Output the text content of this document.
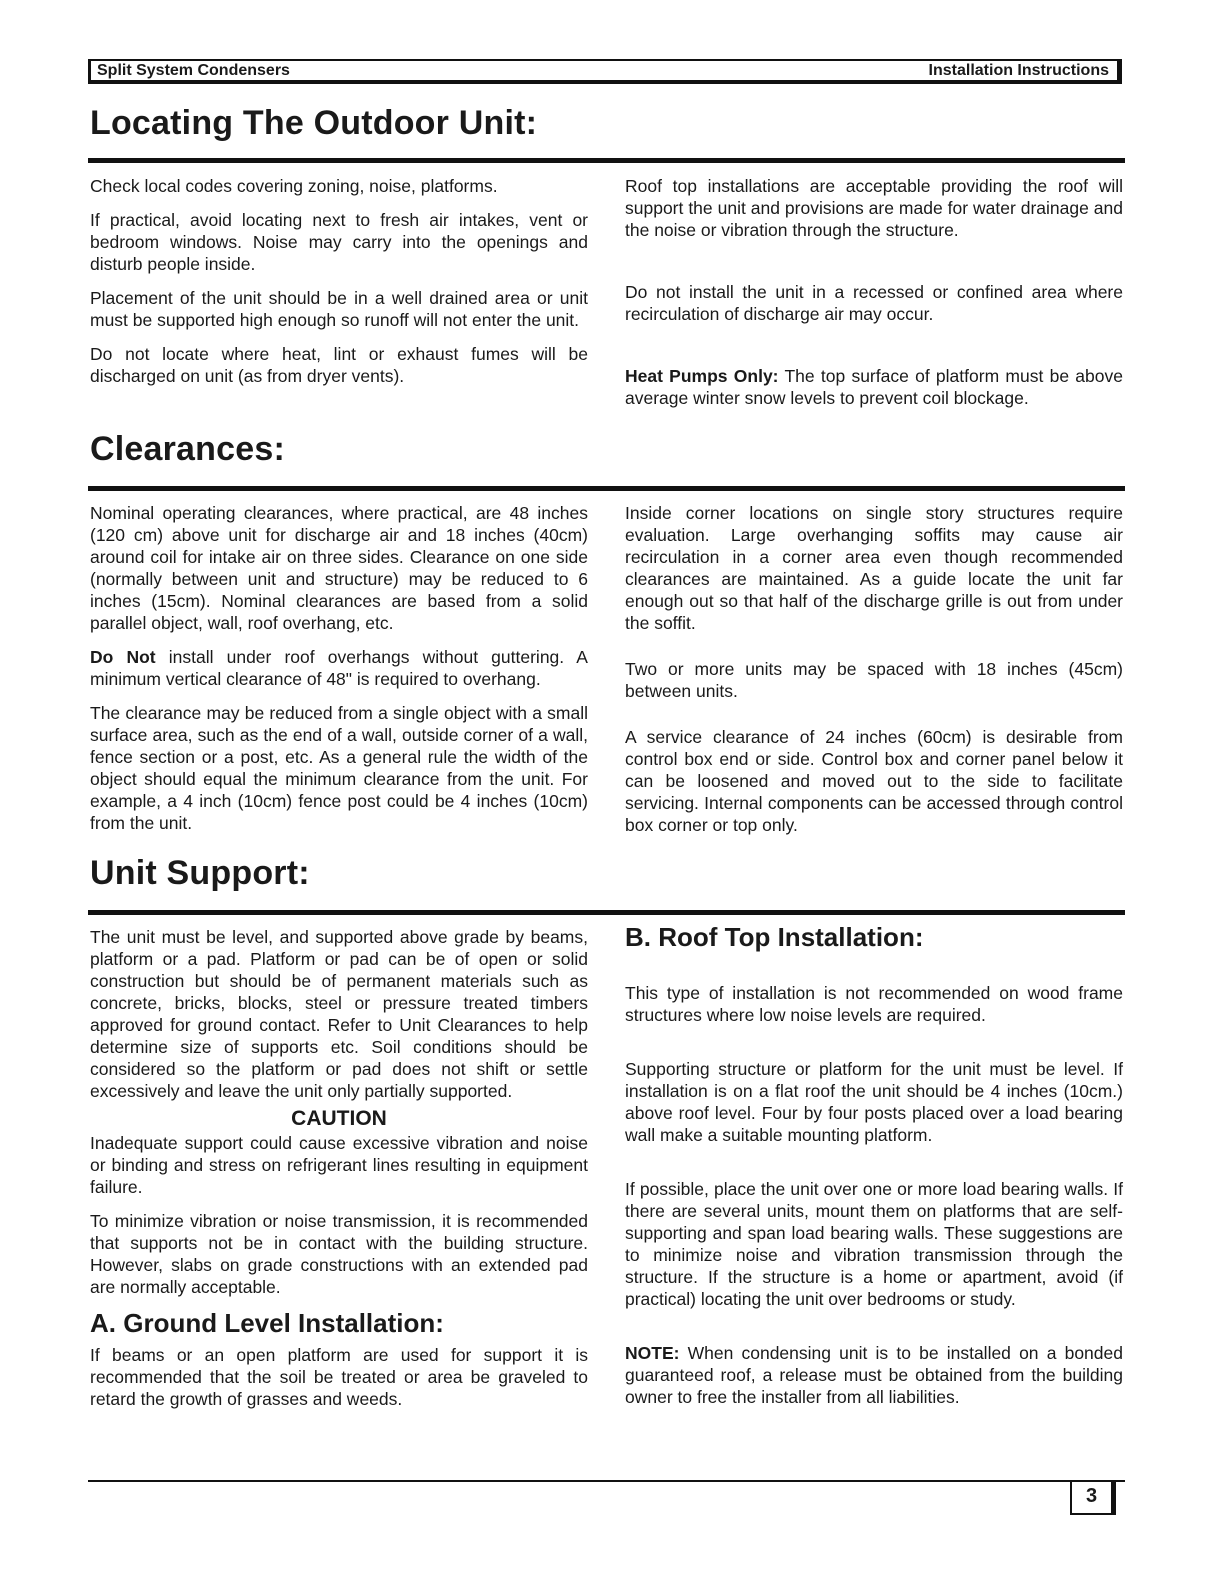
Split System Condensers	Installation Instructions
Locating The Outdoor Unit:

Check local codes covering zoning, noise, platforms.

If practical, avoid locating next to fresh air intakes, vent or bedroom windows. Noise may carry into the openings and disturb people inside.

Placement of the unit should be in a well drained area or unit must be supported high enough so runoff will not enter the unit.

Do not locate where heat, lint or exhaust fumes will be discharged on unit (as from dryer vents).

Roof top installations are acceptable providing the roof will support the unit and provisions are made for water drainage and the noise or vibration through the structure.

Do not install the unit in a recessed or confined area where recirculation of discharge air may occur.

Heat Pumps Only: The top surface of platform must be above average winter snow levels to prevent coil blockage.

Clearances:

Nominal operating clearances, where practical, are 48 inches (120 cm) above unit for discharge air and 18 inches (40cm) around coil for intake air on three sides. Clearance on one side (normally between unit and structure) may be reduced to 6 inches (15cm). Nominal clearances are based from a solid parallel object, wall, roof overhang, etc.

Do Not install under roof overhangs without guttering. A minimum vertical clearance of 48" is required to overhang.

The clearance may be reduced from a single object with a small surface area, such as the end of a wall, outside corner of a wall, fence section or a post, etc. As a general rule the width of the object should equal the minimum clearance from the unit. For example, a 4 inch (10cm) fence post could be 4 inches (10cm) from the unit.

Inside corner locations on single story structures require evaluation. Large overhanging soffits may cause air recirculation in a corner area even though recommended clearances are maintained. As a guide locate the unit far enough out so that half of the discharge grille is out from under the soffit.

Two or more units may be spaced with 18 inches (45cm) between units.

A service clearance of 24 inches (60cm) is desirable from control box end or side. Control box and corner panel below it can be loosened and moved out to the side to facilitate servicing. Internal components can be accessed through control box corner or top only.

Unit Support:

The unit must be level, and supported above grade by beams, platform or a pad. Platform or pad can be of open or solid construction but should be of permanent materials such as concrete, bricks, blocks, steel or pressure treated timbers approved for ground contact. Refer to Unit Clearances to help determine size of supports etc. Soil conditions should be considered so the platform or pad does not shift or settle excessively and leave the unit only partially supported.

CAUTION

Inadequate support could cause excessive vibration and noise or binding and stress on refrigerant lines resulting in equipment failure.

To minimize vibration or noise transmission, it is recommended that supports not be in contact with the building structure. However, slabs on grade constructions with an extended pad are normally acceptable.

A. Ground Level Installation:

If beams or an open platform are used for support it is recommended that the soil be treated or area be graveled to retard the growth of grasses and weeds.

B. Roof Top Installation:

This type of installation is not recommended on wood frame structures where low noise levels are required.

Supporting structure or platform for the unit must be level. If installation is on a flat roof the unit should be 4 inches (10cm.) above roof level. Four by four posts placed over a load bearing wall make a suitable mounting platform.

If possible, place the unit over one or more load bearing walls. If there are several units, mount them on platforms that are self-supporting and span load bearing walls. These suggestions are to minimize noise and vibration transmission through the structure. If the structure is a home or apartment, avoid (if practical) locating the unit over bedrooms or study.

NOTE: When condensing unit is to be installed on a bonded guaranteed roof, a release must be obtained from the building owner to free the installer from all liabilities.

3
